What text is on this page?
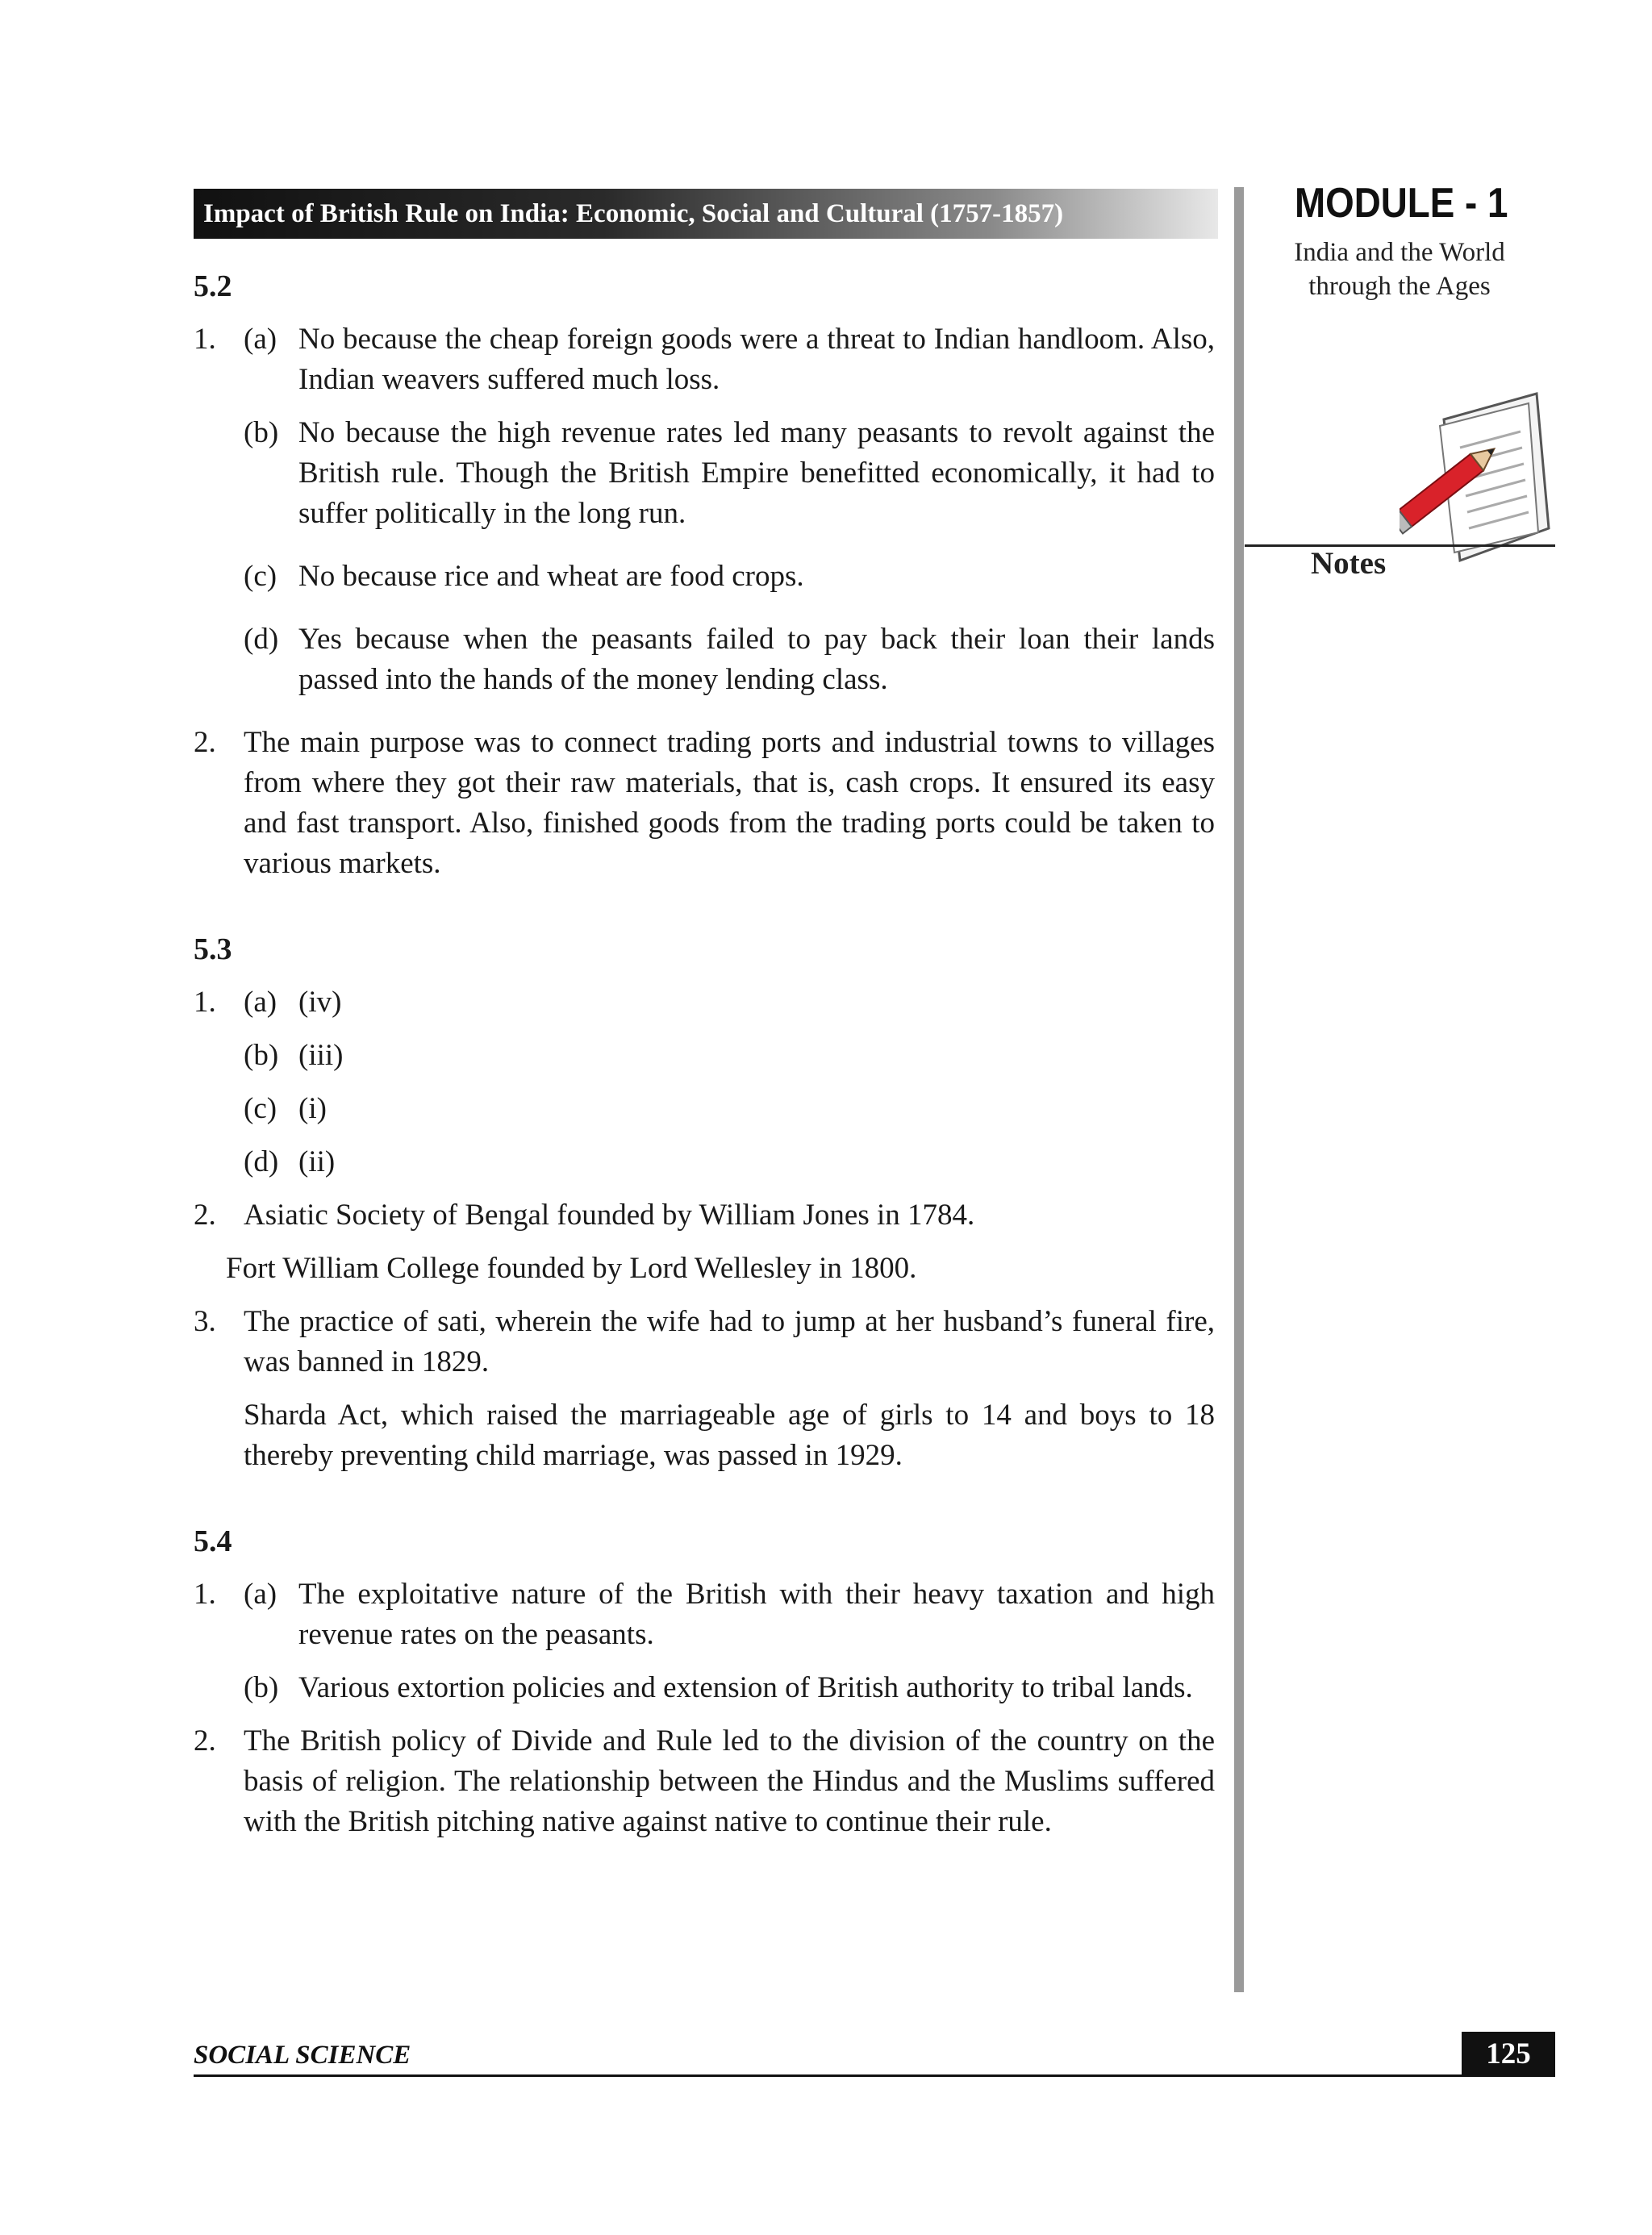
Impact of British Rule on India: Economic, Social and Cultural (1757-1857)	MODULE - 1
India and the World
through the Ages
Notes
5.2
1. (a) No because the cheap foreign goods were a threat to Indian handloom. Also, Indian weavers suffered much loss.
(b) No because the high revenue rates led many peasants to revolt against the British rule. Though the British Empire benefitted economically, it had to suffer politically in the long run.
(c) No because rice and wheat are food crops.
(d) Yes because when the peasants failed to pay back their loan their lands passed into the hands of the money lending class.
2. The main purpose was to connect trading ports and industrial towns to villages from where they got their raw materials, that is, cash crops. It ensured its easy and fast transport. Also, finished goods from the trading ports could be taken to various markets.
5.3
1. (a) (iv)
(b) (iii)
(c) (i)
(d) (ii)
2. Asiatic Society of Bengal founded by William Jones in 1784.
Fort William College founded by Lord Wellesley in 1800.
3. The practice of sati, wherein the wife had to jump at her husband’s funeral fire, was banned in 1829.
Sharda Act, which raised the marriageable age of girls to 14 and boys to 18 thereby preventing child marriage, was passed in 1929.
5.4
1. (a) The exploitative nature of the British with their heavy taxation and high revenue rates on the peasants.
(b) Various extortion policies and extension of British authority to tribal lands.
2. The British policy of Divide and Rule led to the division of the country on the basis of religion. The relationship between the Hindus and the Muslims suffered with the British pitching native against native to continue their rule.
SOCIAL SCIENCE	125
